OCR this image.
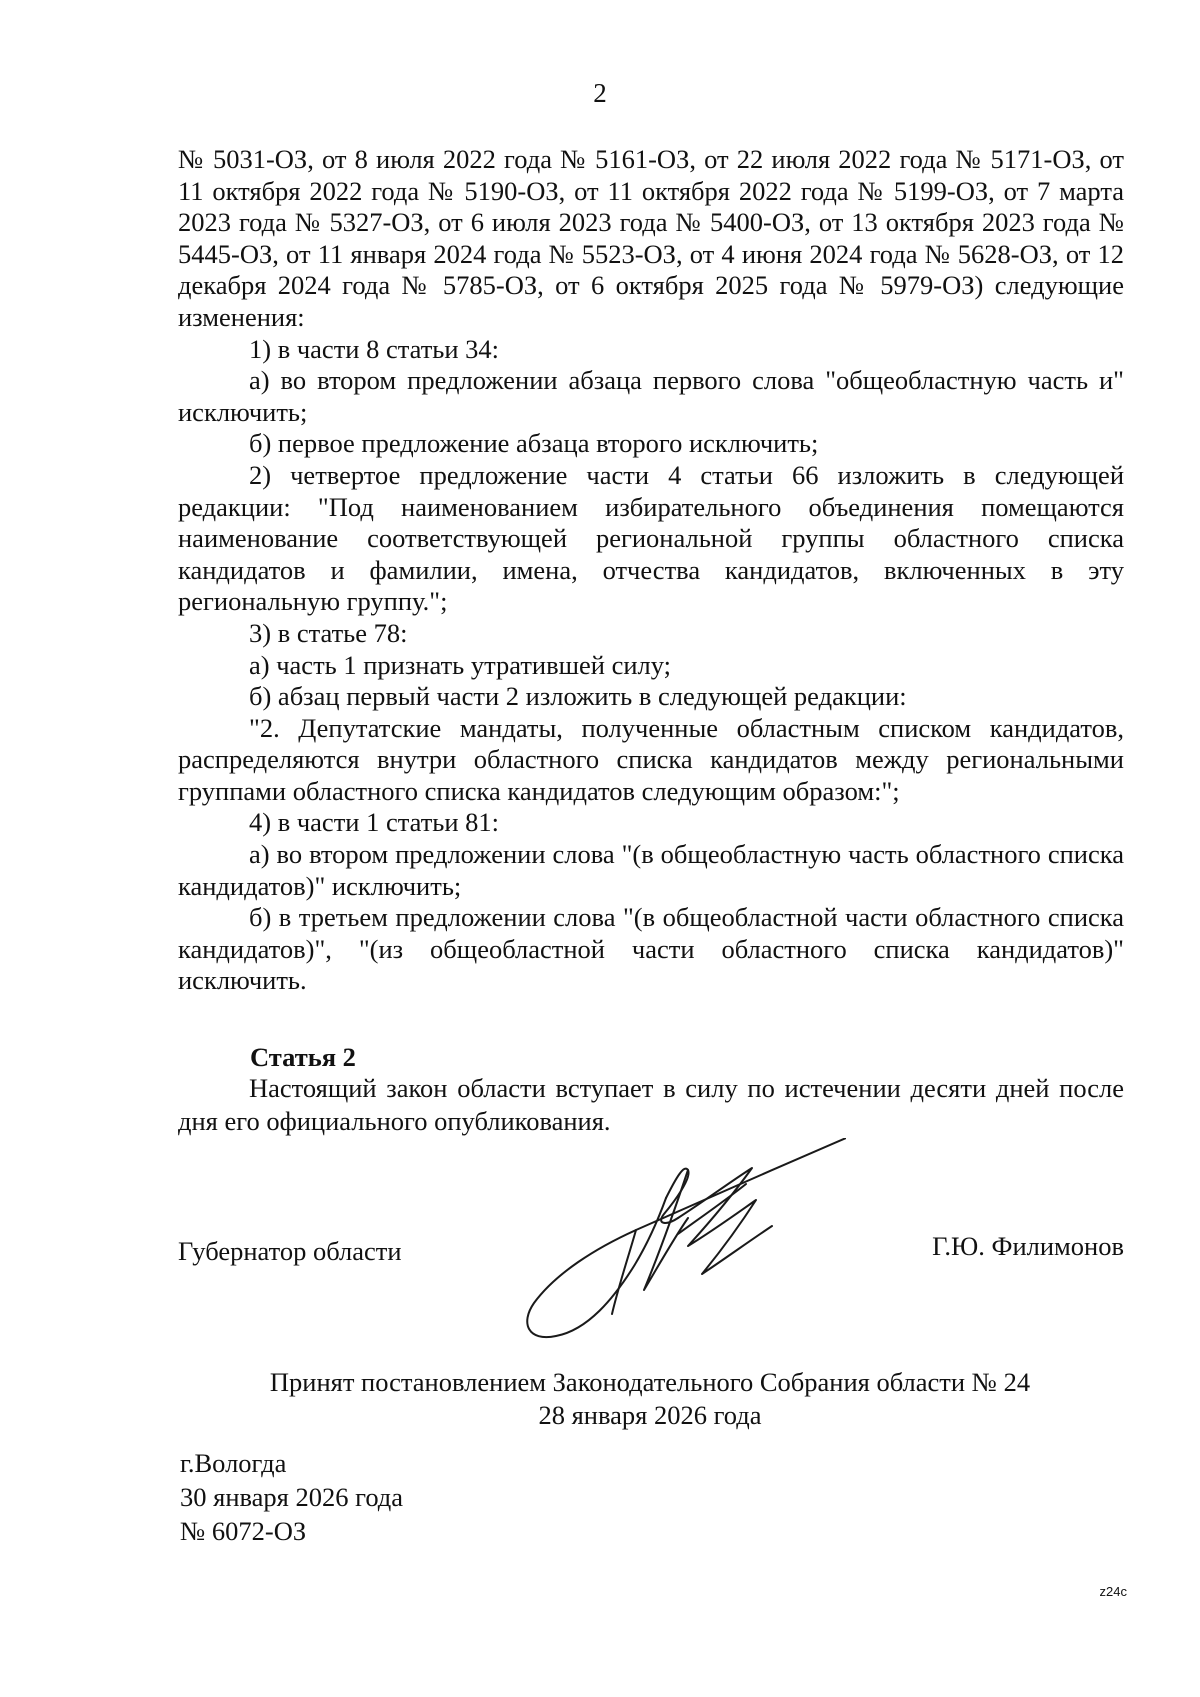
2

№ 5031-ОЗ, от 8 июля 2022 года № 5161-ОЗ, от 22 июля 2022 года № 5171-ОЗ, от 11 октября 2022 года № 5190-ОЗ, от 11 октября 2022 года № 5199-ОЗ, от 7 марта 2023 года № 5327-ОЗ, от 6 июля 2023 года № 5400-ОЗ, от 13 октября 2023 года № 5445-ОЗ, от 11 января 2024 года № 5523-ОЗ, от 4 июня 2024 года № 5628-ОЗ, от 12 декабря 2024 года № 5785-ОЗ, от 6 октября 2025 года № 5979-ОЗ) следующие изменения:

1) в части 8 статьи 34:

а) во втором предложении абзаца первого слова "общеобластную часть и" исключить;

б) первое предложение абзаца второго исключить;

2) четвертое предложение части 4 статьи 66 изложить в следующей редакции: "Под наименованием избирательного объединения помещаются наименование соответствующей региональной группы областного списка кандидатов и фамилии, имена, отчества кандидатов, включенных в эту региональную группу.";

3) в статье 78:

а) часть 1 признать утратившей силу;

б) абзац первый части 2 изложить в следующей редакции:

"2. Депутатские мандаты, полученные областным списком кандидатов, распределяются внутри областного списка кандидатов между региональными группами областного списка кандидатов следующим образом:";

4) в части 1 статьи 81:

а) во втором предложении слова "(в общеобластную часть областного списка кандидатов)" исключить;

б) в третьем предложении слова "(в общеобластной части областного списка кандидатов)", "(из общеобластной части областного списка кандидатов)" исключить.

Статья 2

Настоящий закон области вступает в силу по истечении десяти дней после дня его официального опубликования.

Губернатор области	Г.Ю. Филимонов
Принят постановлением Законодательного Собрания области № 24
28 января 2026 года
г.Вологда
30 января 2026 года
№ 6072-ОЗ
z24c
